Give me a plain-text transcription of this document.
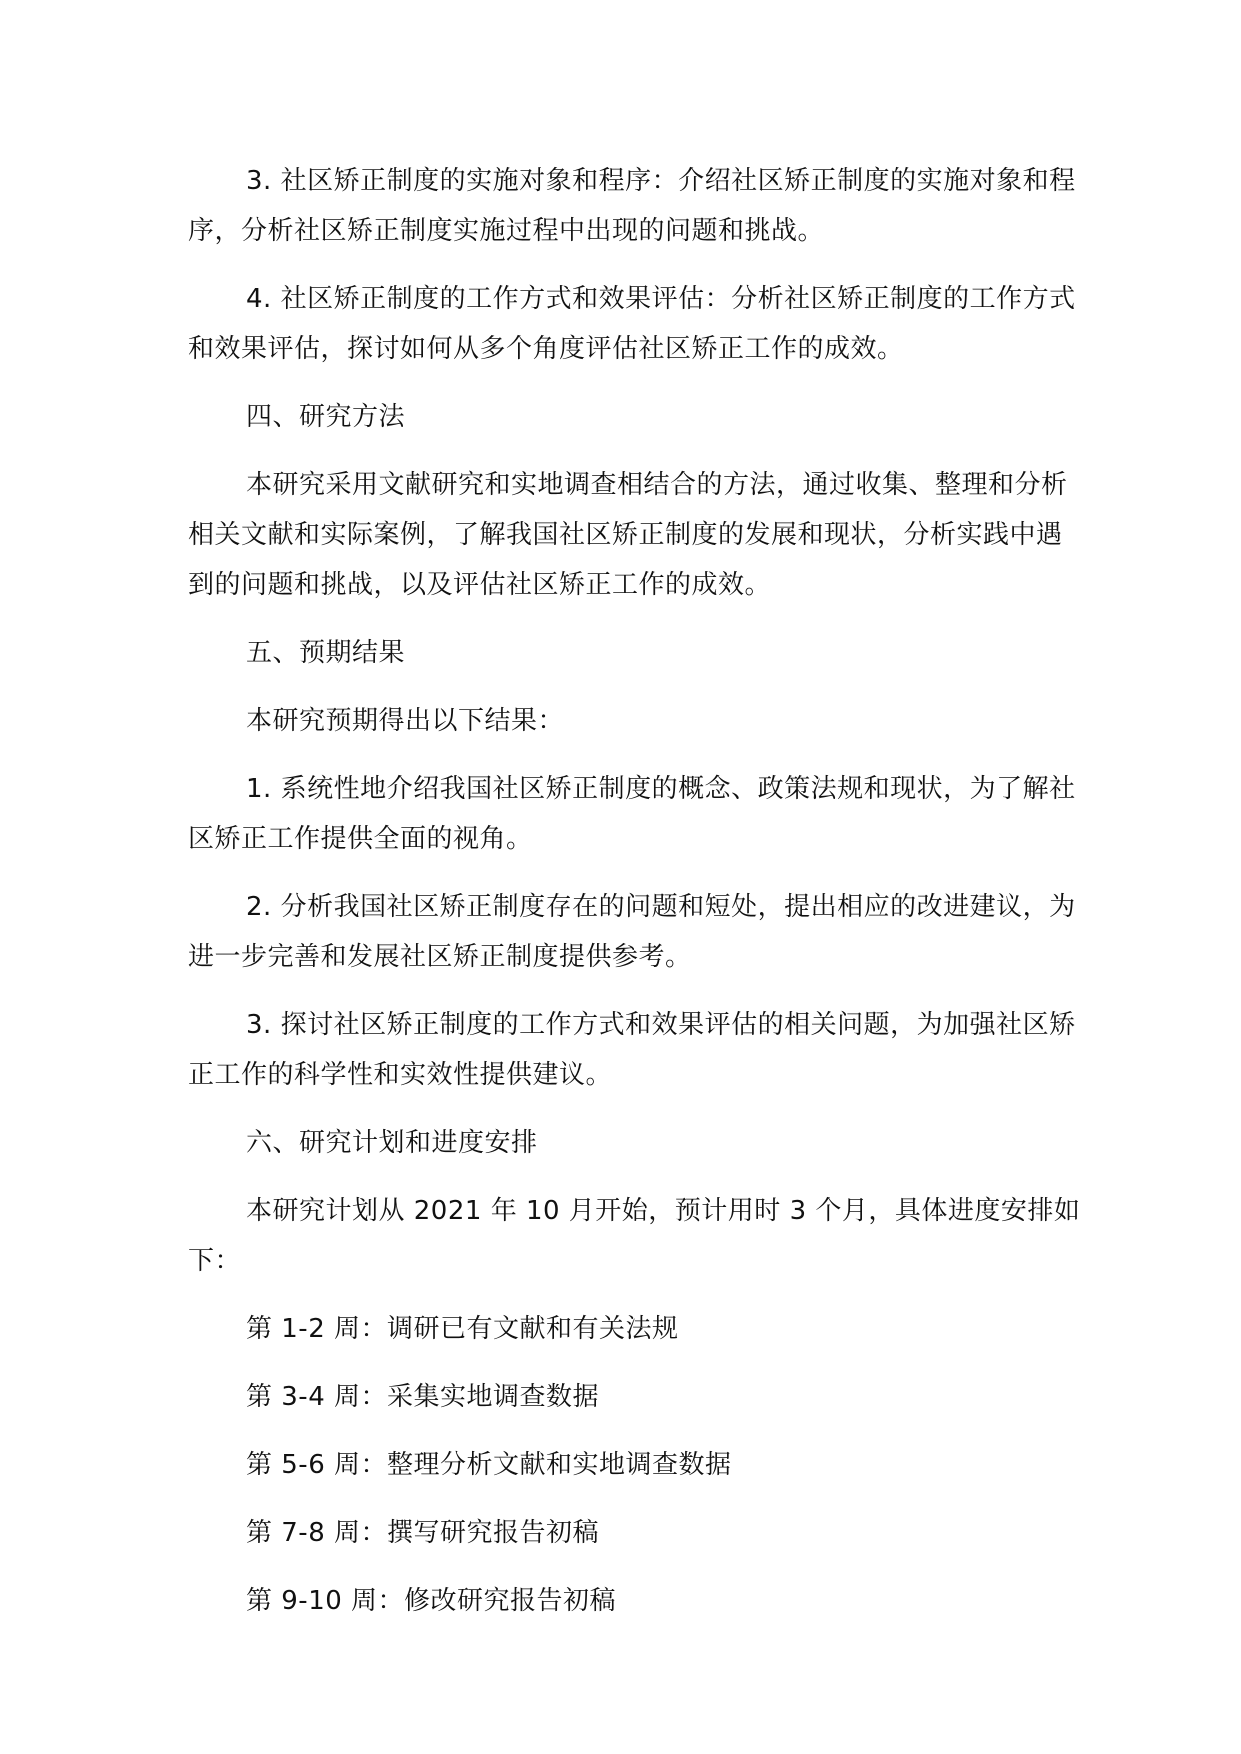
3. 社区矫正制度的实施对象和程序：介绍社区矫正制度的实施对象和程序，分析社区矫正制度实施过程中出现的问题和挑战。

4. 社区矫正制度的工作方式和效果评估：分析社区矫正制度的工作方式和效果评估，探讨如何从多个角度评估社区矫正工作的成效。

四、研究方法

本研究采用文献研究和实地调查相结合的方法，通过收集、整理和分析相关文献和实际案例，了解我国社区矫正制度的发展和现状，分析实践中遇到的问题和挑战，以及评估社区矫正工作的成效。

五、预期结果

本研究预期得出以下结果：

1. 系统性地介绍我国社区矫正制度的概念、政策法规和现状，为了解社区矫正工作提供全面的视角。

2. 分析我国社区矫正制度存在的问题和短处，提出相应的改进建议，为进一步完善和发展社区矫正制度提供参考。

3. 探讨社区矫正制度的工作方式和效果评估的相关问题，为加强社区矫正工作的科学性和实效性提供建议。

六、研究计划和进度安排

本研究计划从 2021 年 10 月开始，预计用时 3 个月，具体进度安排如下：

第 1-2 周：调研已有文献和有关法规

第 3-4 周：采集实地调查数据

第 5-6 周：整理分析文献和实地调查数据

第 7-8 周：撰写研究报告初稿

第 9-10 周：修改研究报告初稿
